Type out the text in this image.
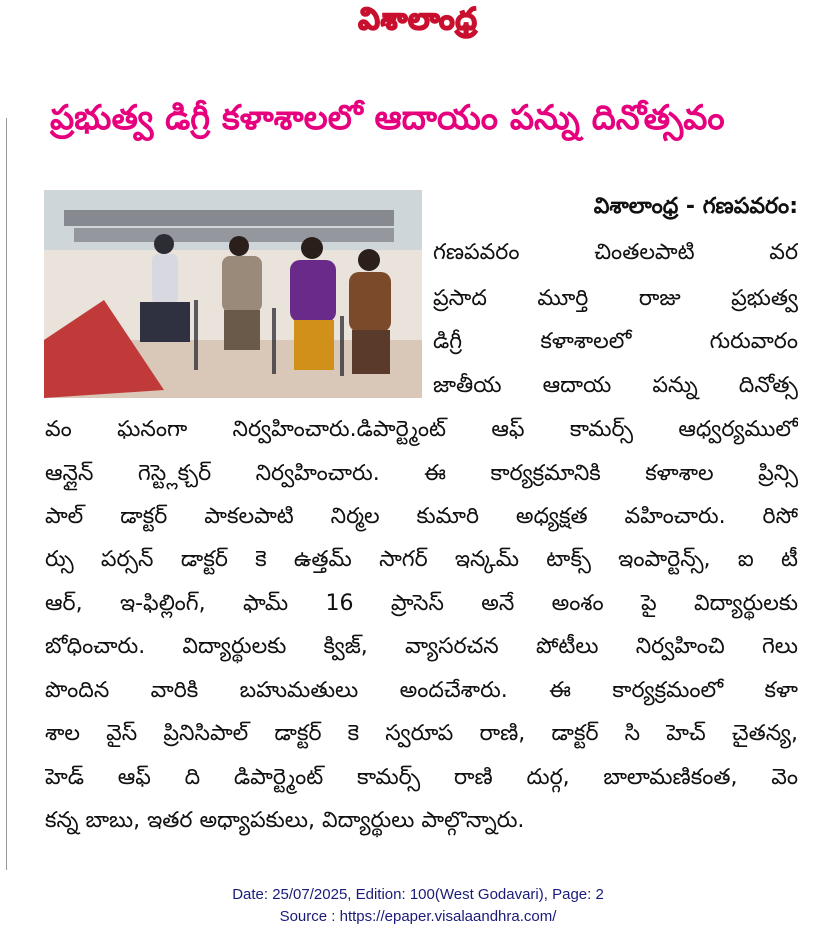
విశాలాంధ్ర
ప్రభుత్వ డిగ్రీ కళాశాలలో ఆదాయం పన్ను దినోత్సవం
విశాలాంధ్ర - గణపవరం:
గణపవరం చింతలపాటి వర
ప్రసాద మూర్తి రాజు ప్రభుత్వ
డిగ్రీ కళాశాలలో గురువారం
జాతీయ ఆదాయ పన్ను దినోత్స
వం ఘనంగా నిర్వహించారు.డిపార్ట్మెంట్ ఆఫ్ కామర్స్ ఆధ్వర్యములో
ఆన్లైన్ గెస్ట్లెక్చర్ నిర్వహించారు. ఈ కార్యక్రమానికి కళాశాల ప్రిన్సి
పాల్ డాక్టర్ పాకలపాటి నిర్మల కుమారి అధ్యక్షత వహించారు. రిసో
ర్సు పర్సన్ డాక్టర్ కె ఉత్తమ్ సాగర్ ఇన్కమ్ టాక్స్ ఇంపార్టెన్స్, ఐ టీ
ఆర్, ఇ-ఫిల్లింగ్, ఫామ్ 16 ప్రాసెస్ అనే అంశం పై విద్యార్థులకు
బోధించారు. విద్యార్థులకు క్విజ్, వ్యాసరచన పోటీలు నిర్వహించి గెలు
పొందిన వారికి బహుమతులు అందచేశారు. ఈ కార్యక్రమంలో కళా
శాల వైస్ ప్రినిసిపాల్ డాక్టర్ కె స్వరూప రాణి, డాక్టర్ సి హెచ్ చైతన్య,
హెడ్ ఆఫ్ ది డిపార్ట్మెంట్ కామర్స్ రాణి దుర్గ, బాలామణికంత, వెం
కన్న బాబు, ఇతర అధ్యాపకులు, విద్యార్థులు పాల్గొన్నారు.
Date: 25/07/2025, Edition: 100(West Godavari), Page: 2
Source : https://epaper.visalaandhra.com/
